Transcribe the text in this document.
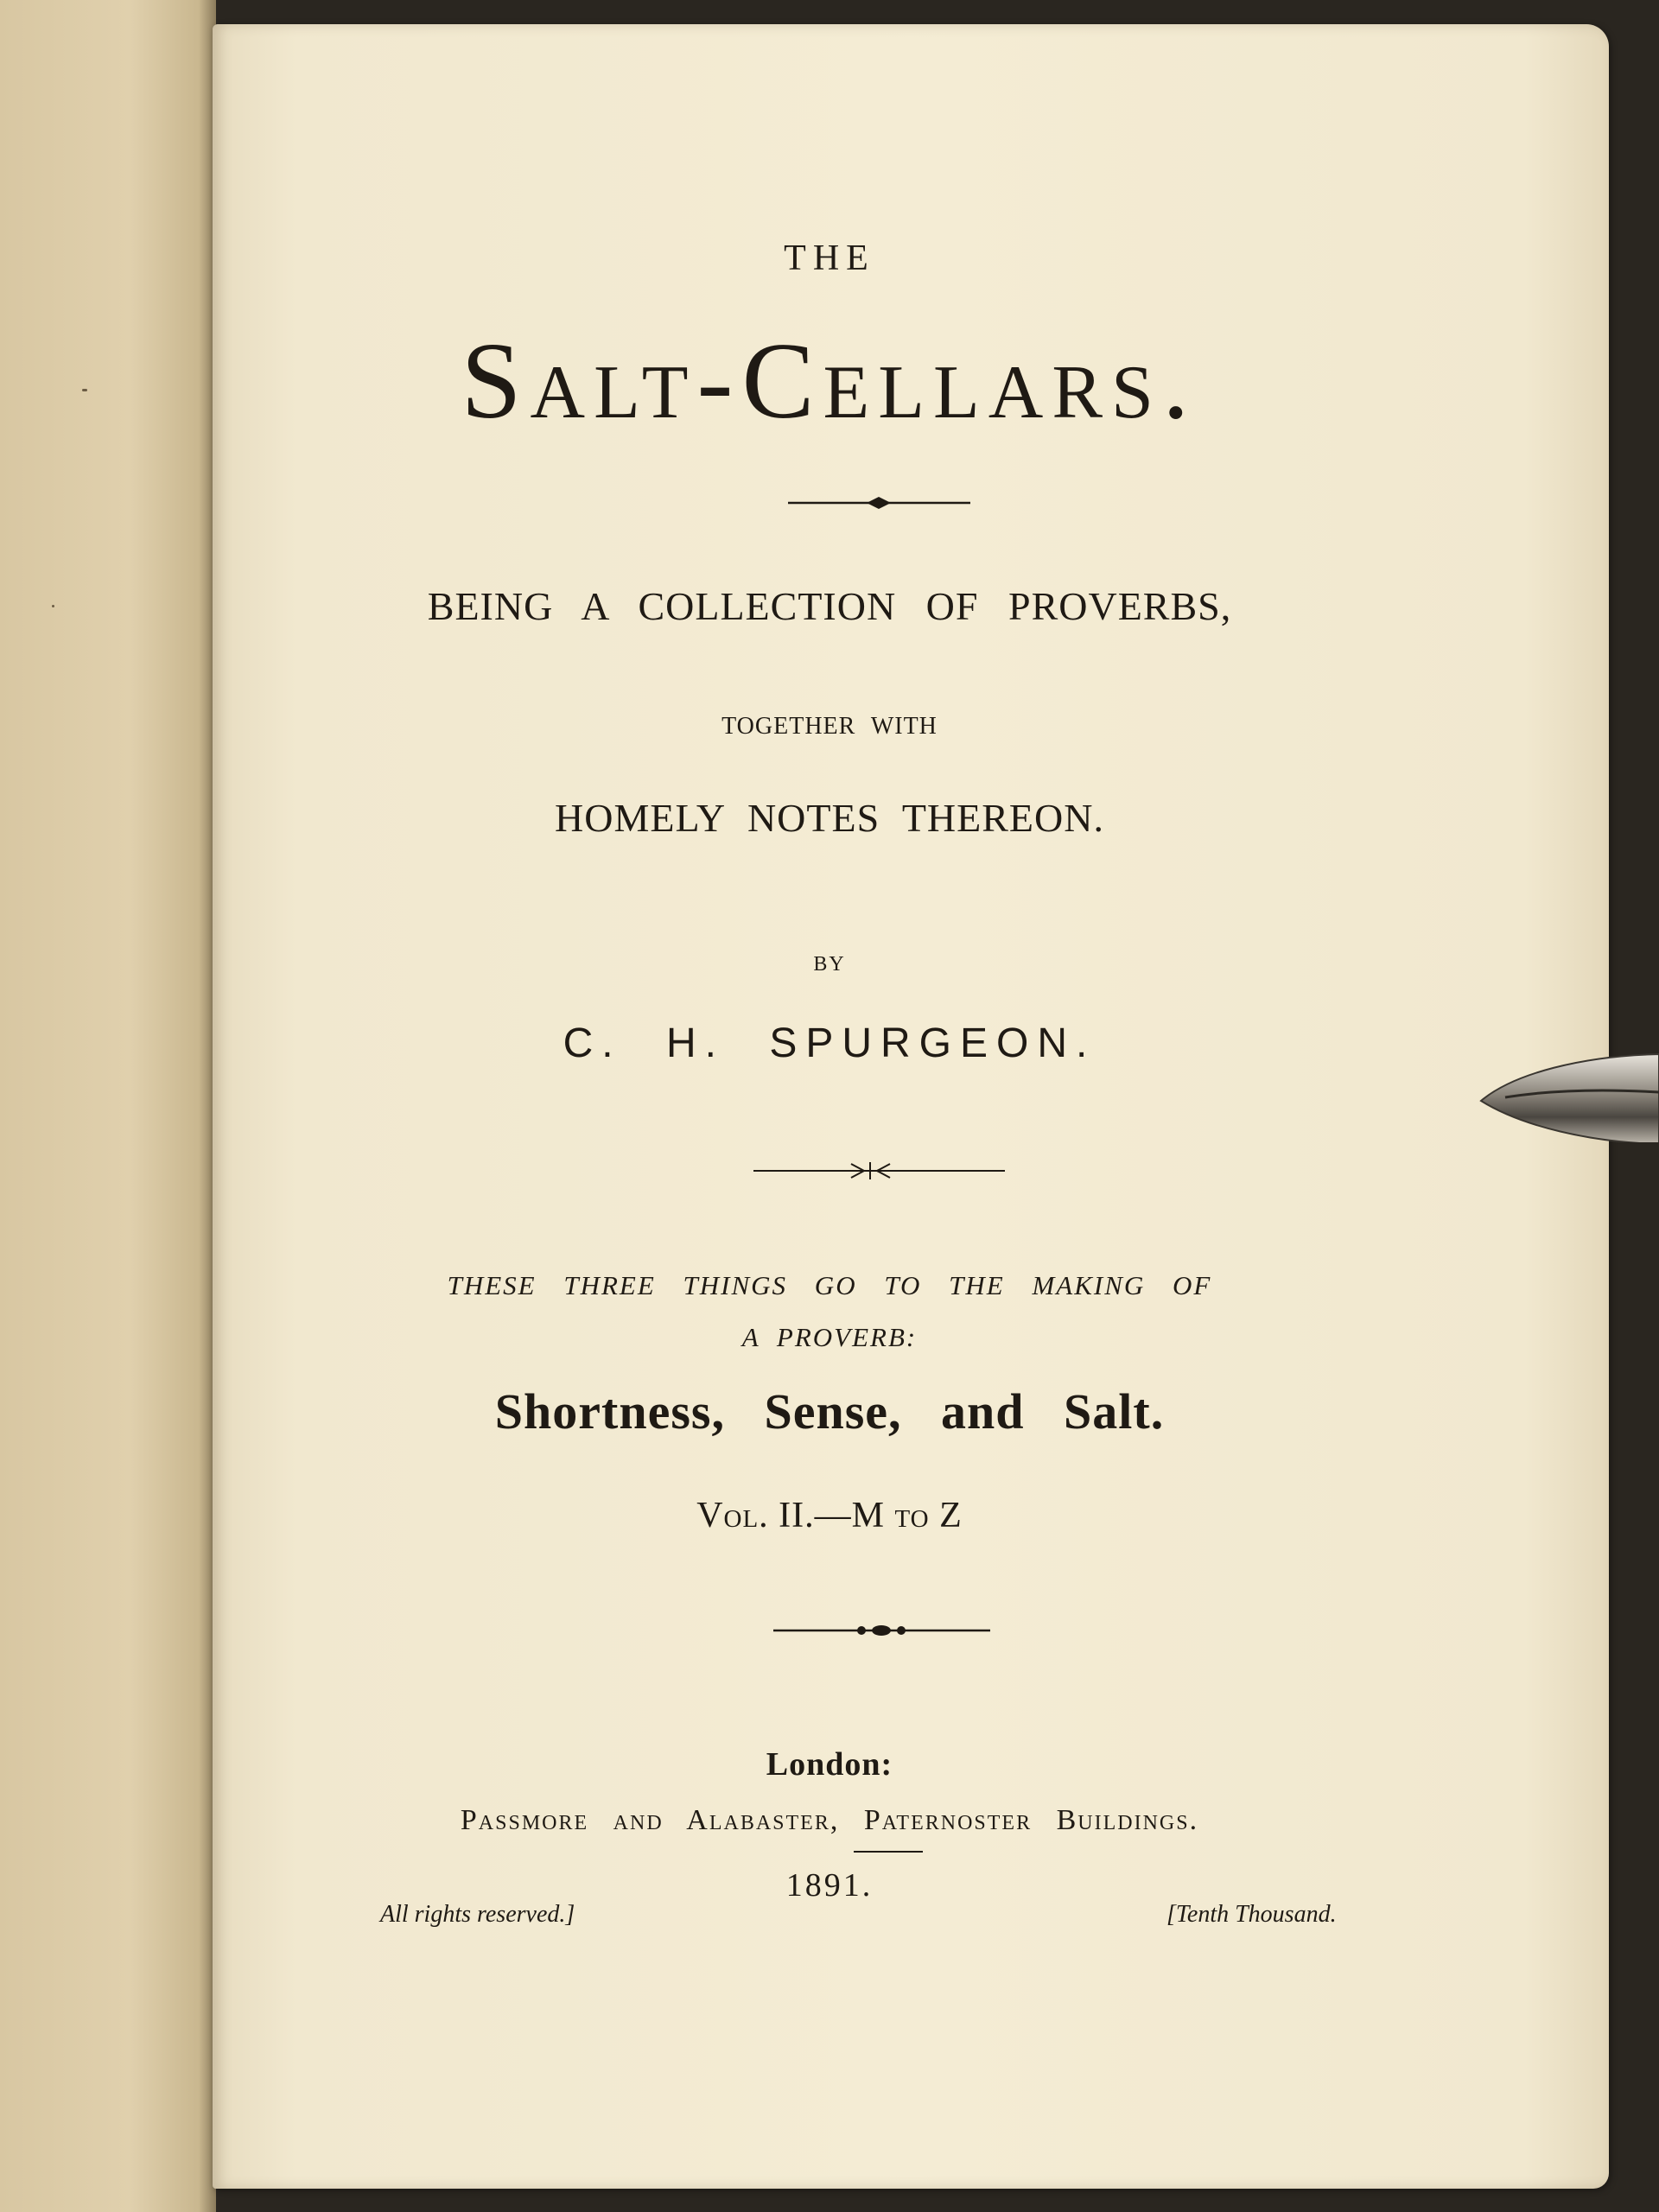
THE

Salt-Cellars.

BEING A COLLECTION OF PROVERBS,

TOGETHER WITH

HOMELY NOTES THEREON.

BY

C. H. SPURGEON.

THESE THREE THINGS GO TO THE MAKING OF

A PROVERB:

Shortness, Sense, and Salt.

Vol. II.—M to Z

London:

Passmore and Alabaster, Paternoster Buildings.

1891.

All rights reserved.]	[Tenth Thousand.
